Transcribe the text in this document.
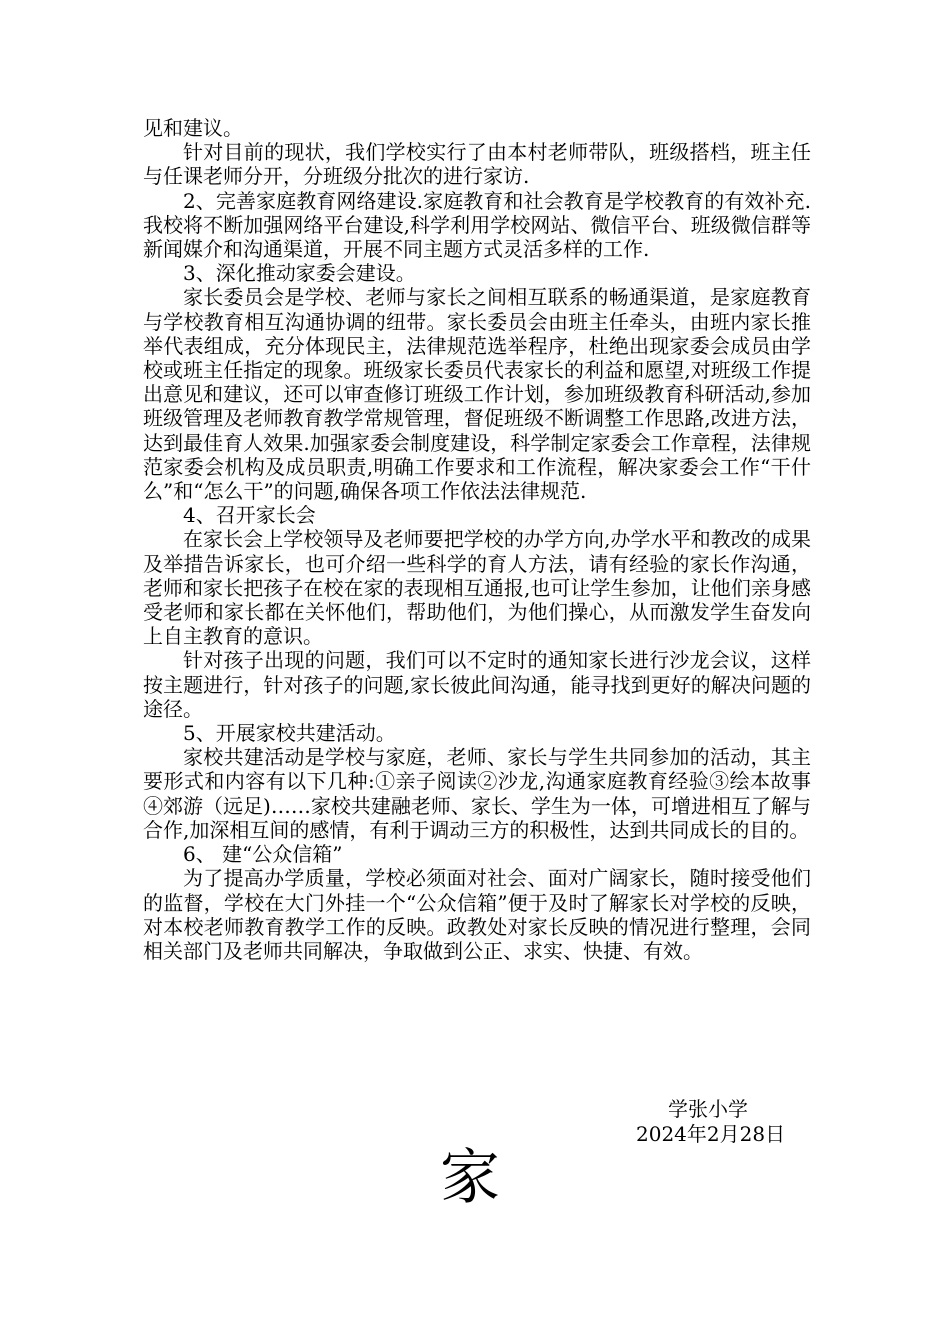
见和建议。

针对目前的现状，我们学校实行了由本村老师带队，班级搭档，班主任与任课老师分开，分班级分批次的进行家访.

2、完善家庭教育网络建设.家庭教育和社会教育是学校教育的有效补充.我校将不断加强网络平台建设,科学利用学校网站、微信平台、班级微信群等新闻媒介和沟通渠道，开展不同主题方式灵活多样的工作.

3、深化推动家委会建设。

家长委员会是学校、老师与家长之间相互联系的畅通渠道，是家庭教育与学校教育相互沟通协调的纽带。家长委员会由班主任牵头，由班内家长推举代表组成，充分体现民主，法律规范选举程序，杜绝出现家委会成员由学校或班主任指定的现象。班级家长委员代表家长的利益和愿望,对班级工作提出意见和建议，还可以审查修订班级工作计划，参加班级教育科研活动,参加班级管理及老师教育教学常规管理，督促班级不断调整工作思路,改进方法，达到最佳育人效果.加强家委会制度建设，科学制定家委会工作章程，法律规范家委会机构及成员职责,明确工作要求和工作流程，解决家委会工作“干什么”和“怎么干”的问题,确保各项工作依法法律规范.

4、召开家长会

在家长会上学校领导及老师要把学校的办学方向,办学水平和教改的成果及举措告诉家长，也可介绍一些科学的育人方法，请有经验的家长作沟通，老师和家长把孩子在校在家的表现相互通报,也可让学生参加，让他们亲身感受老师和家长都在关怀他们，帮助他们，为他们操心，从而激发学生奋发向上自主教育的意识。

针对孩子出现的问题，我们可以不定时的通知家长进行沙龙会议，这样按主题进行，针对孩子的问题,家长彼此间沟通，能寻找到更好的解决问题的途径。

5、开展家校共建活动。

家校共建活动是学校与家庭，老师、家长与学生共同参加的活动，其主要形式和内容有以下几种:①亲子阅读②沙龙,沟通家庭教育经验③绘本故事④郊游（远足)……家校共建融老师、家长、学生为一体，可增进相互了解与合作,加深相互间的感情，有利于调动三方的积极性，达到共同成长的目的。

6、 建“公众信箱”

为了提高办学质量，学校必须面对社会、面对广阔家长，随时接受他们的监督，学校在大门外挂一个“公众信箱”便于及时了解家长对学校的反映，对本校老师教育教学工作的反映。政教处对家长反映的情况进行整理，会同相关部门及老师共同解决，争取做到公正、求实、快捷、有效。

学张小学
2024年2月28日
家
